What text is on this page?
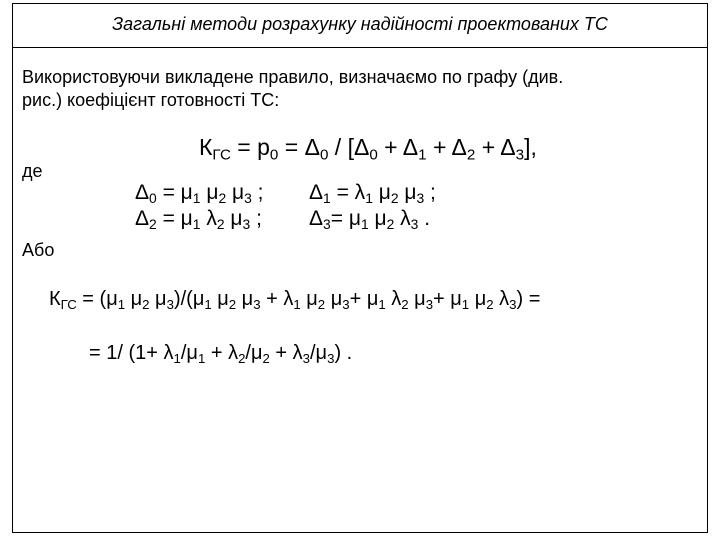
Загальні методи розрахунку надійності проектованих ТС
Використовуючи викладене правило, визначаємо по графу (див.
рис.) коефіцієнт готовності ТС:
$К_{ГС} = p_0 = \Delta_0 / [\Delta_0 + \Delta_1 + \Delta_2 + \Delta_3]$,
де
$\Delta_0 = \mu_1$ $\mu_2$ $\mu_3$ ; $\Delta_1 = \lambda_1$ $\mu_2$ $\mu_3$ ;
$\Delta_2 = \mu_1$ $\lambda_2$ $\mu_3$ ; $\Delta_3= \mu_1$ $\mu_2$ $\lambda_3$ .
Або
$К_{ГС} = (\mu_1$ $\mu_2$ $\mu_3)/(\mu_1$ $\mu_2$ $\mu_3 + \lambda_1$ $\mu_2$ $\mu_3+ \mu_1$ $\lambda_2$ $\mu_3+ \mu_1$ $\mu_2$ $\lambda_3$) =
= 1/ $(1+ \lambda_1/\mu_1 + \lambda_2/\mu_2 + \lambda_3/\mu_3)$ .
